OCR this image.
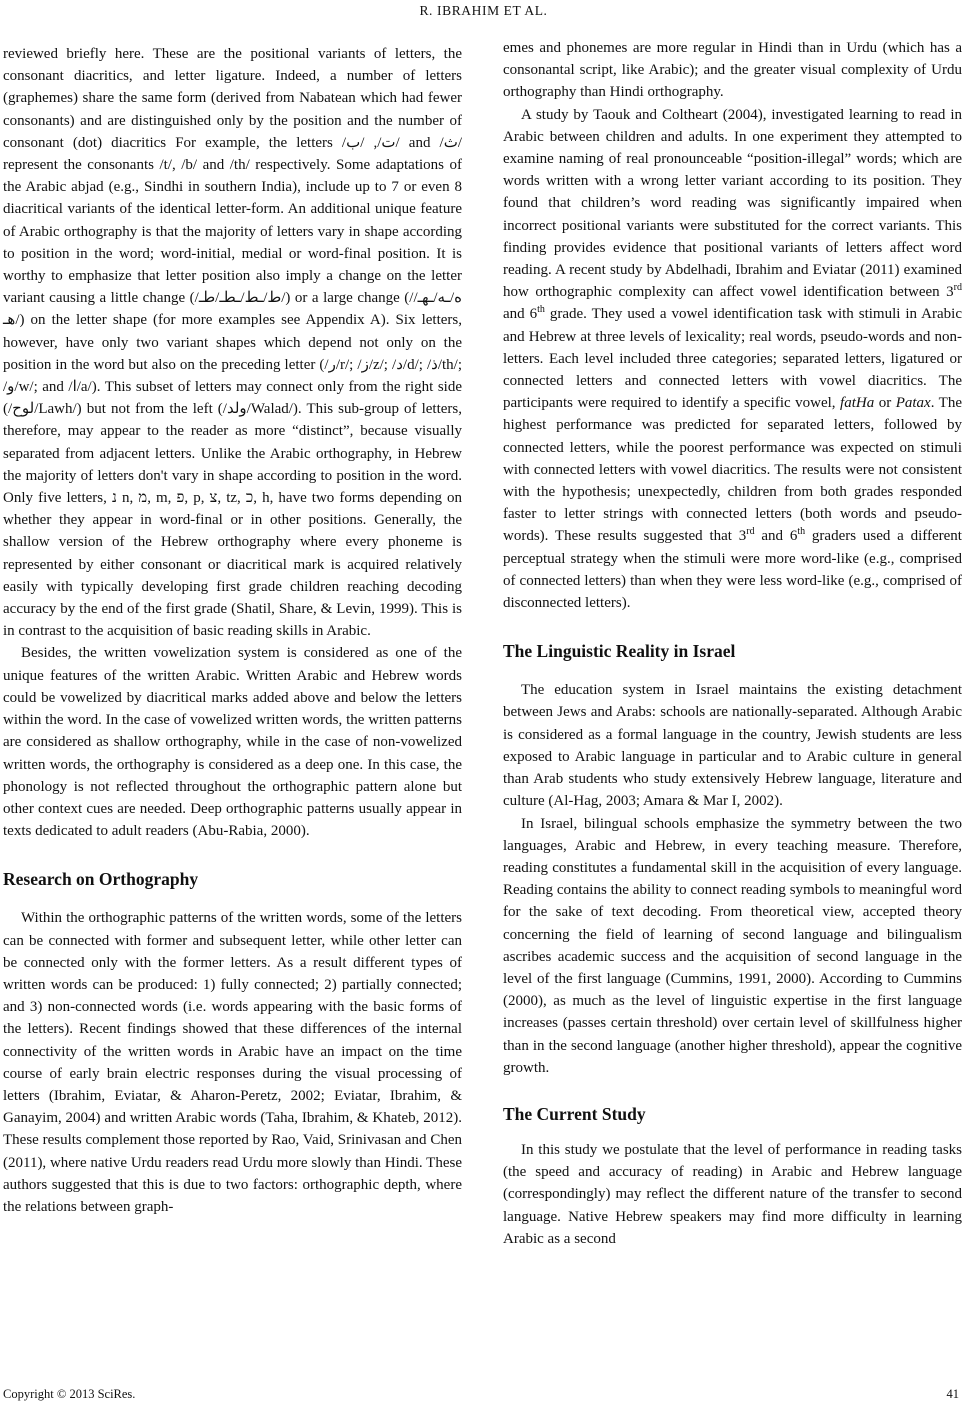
R. IBRAHIM ET AL.

reviewed briefly here. These are the positional variants of letters, the consonant diacritics, and letter ligature. Indeed, a number of letters (graphemes) share the same form (derived from Nabatean which had fewer consonants) and are distinguished only by the position and the number of consonant (dot) diacritics For example, the letters /ت/, /ب/ and /ث/ represent the consonants /t/, /b/ and /th/ respectively. Some adaptations of the Arabic abjad (e.g., Sindhi in southern India), include up to 7 or even 8 diacritical variants of the identical letter-form. An additional unique feature of Arabic orthography is that the majority of letters vary in shape according to position in the word; word-initial, medial or word-final position. It is worthy to emphasize that letter position also imply a change on the letter variant causing a little change (/ط/ـط/ـطـ/طـ/) or a large change (/ه/ـه/ـهـ/هـ/) on the letter shape (for more examples see Appendix A). Six letters, however, have only two variant shapes which depend not only on the position in the word but also on the preceding letter (/ر/r/; /ز/z/; /د/d/; /ذ/th/; /و/w/; and /ا/a/). This subset of letters may connect only from the right side (/لوح/Lawh/) but not from the left (/ولد/Walad/). This sub-group of letters, therefore, may appear to the reader as more “distinct”, because visually separated from adjacent letters. Unlike the Arabic orthography, in Hebrew the majority of letters don't vary in shape according to position in the word. Only five letters, נ n, מ, m, פ, p, צ, tz, כ, h, have two forms depending on whether they appear in word-final or in other positions. Generally, the shallow version of the Hebrew orthography where every phoneme is represented by either consonant or diacritical mark is acquired relatively easily with typically developing first grade children reaching decoding accuracy by the end of the first grade (Shatil, Share, & Levin, 1999). This is in contrast to the acquisition of basic reading skills in Arabic.

Besides, the written vowelization system is considered as one of the unique features of the written Arabic. Written Arabic and Hebrew words could be vowelized by diacritical marks added above and below the letters within the word. In the case of vowelized written words, the written patterns are considered as shallow orthography, while in the case of non-vowelized written words, the orthography is considered as a deep one. In this case, the phonology is not reflected throughout the orthographic pattern alone but other context cues are needed. Deep orthographic patterns usually appear in texts dedicated to adult readers (Abu-Rabia, 2000).

Research on Orthography

Within the orthographic patterns of the written words, some of the letters can be connected with former and subsequent letter, while other letter can be connected only with the former letters. As a result different types of written words can be produced: 1) fully connected; 2) partially connected; and 3) non-connected words (i.e. words appearing with the basic forms of the letters). Recent findings showed that these differences of the internal connectivity of the written words in Arabic have an impact on the time course of early brain electric responses during the visual processing of letters (Ibrahim, Eviatar, & Aharon-Peretz, 2002; Eviatar, Ibrahim, & Ganayim, 2004) and written Arabic words (Taha, Ibrahim, & Khateb, 2012). These results complement those reported by Rao, Vaid, Srinivasan and Chen (2011), where native Urdu readers read Urdu more slowly than Hindi. These authors suggested that this is due to two factors: orthographic depth, where the relations between graph-

emes and phonemes are more regular in Hindi than in Urdu (which has a consonantal script, like Arabic); and the greater visual complexity of Urdu orthography than Hindi orthography.

A study by Taouk and Coltheart (2004), investigated learning to read in Arabic between children and adults. In one experiment they attempted to examine naming of real pronounceable “position-illegal” words; which are words written with a wrong letter variant according to its position. They found that children’s word reading was significantly impaired when incorrect positional variants were substituted for the correct variants. This finding provides evidence that positional variants of letters affect word reading. A recent study by Abdelhadi, Ibrahim and Eviatar (2011) examined how orthographic complexity can affect vowel identification between 3rd and 6th grade. They used a vowel identification task with stimuli in Arabic and Hebrew at three levels of lexicality; real words, pseudo-words and non-letters. Each level included three categories; separated letters, ligatured or connected letters and connected letters with vowel diacritics. The participants were required to identify a specific vowel, fatHa or Patax. The highest performance was predicted for separated letters, followed by connected letters, while the poorest performance was expected on stimuli with connected letters with vowel diacritics. The results were not consistent with the hypothesis; unexpectedly, children from both grades responded faster to letter strings with connected letters (both words and pseudo-words). These results suggested that 3rd and 6th graders used a different perceptual strategy when the stimuli were more word-like (e.g., comprised of connected letters) than when they were less word-like (e.g., comprised of disconnected letters).

The Linguistic Reality in Israel

The education system in Israel maintains the existing detachment between Jews and Arabs: schools are nationally-separated. Although Arabic is considered as a formal language in the country, Jewish students are less exposed to Arabic language in particular and to Arabic culture in general than Arab students who study extensively Hebrew language, literature and culture (Al-Hag, 2003; Amara & Mar I, 2002).

In Israel, bilingual schools emphasize the symmetry between the two languages, Arabic and Hebrew, in every teaching measure. Therefore, reading constitutes a fundamental skill in the acquisition of every language. Reading contains the ability to connect reading symbols to meaningful word for the sake of text decoding. From theoretical view, accepted theory concerning the field of learning of second language and bilingualism ascribes academic success and the acquisition of second language in the level of the first language (Cummins, 1991, 2000). According to Cummins (2000), as much as the level of linguistic expertise in the first language increases (passes certain threshold) over certain level of skillfulness higher than in the second language (another higher threshold), appear the cognitive growth.

The Current Study

In this study we postulate that the level of performance in reading tasks (the speed and accuracy of reading) in Arabic and Hebrew language (correspondingly) may reflect the different nature of the transfer to second language. Native Hebrew speakers may find more difficulty in learning Arabic as a second

Copyright © 2013 SciRes.	41
